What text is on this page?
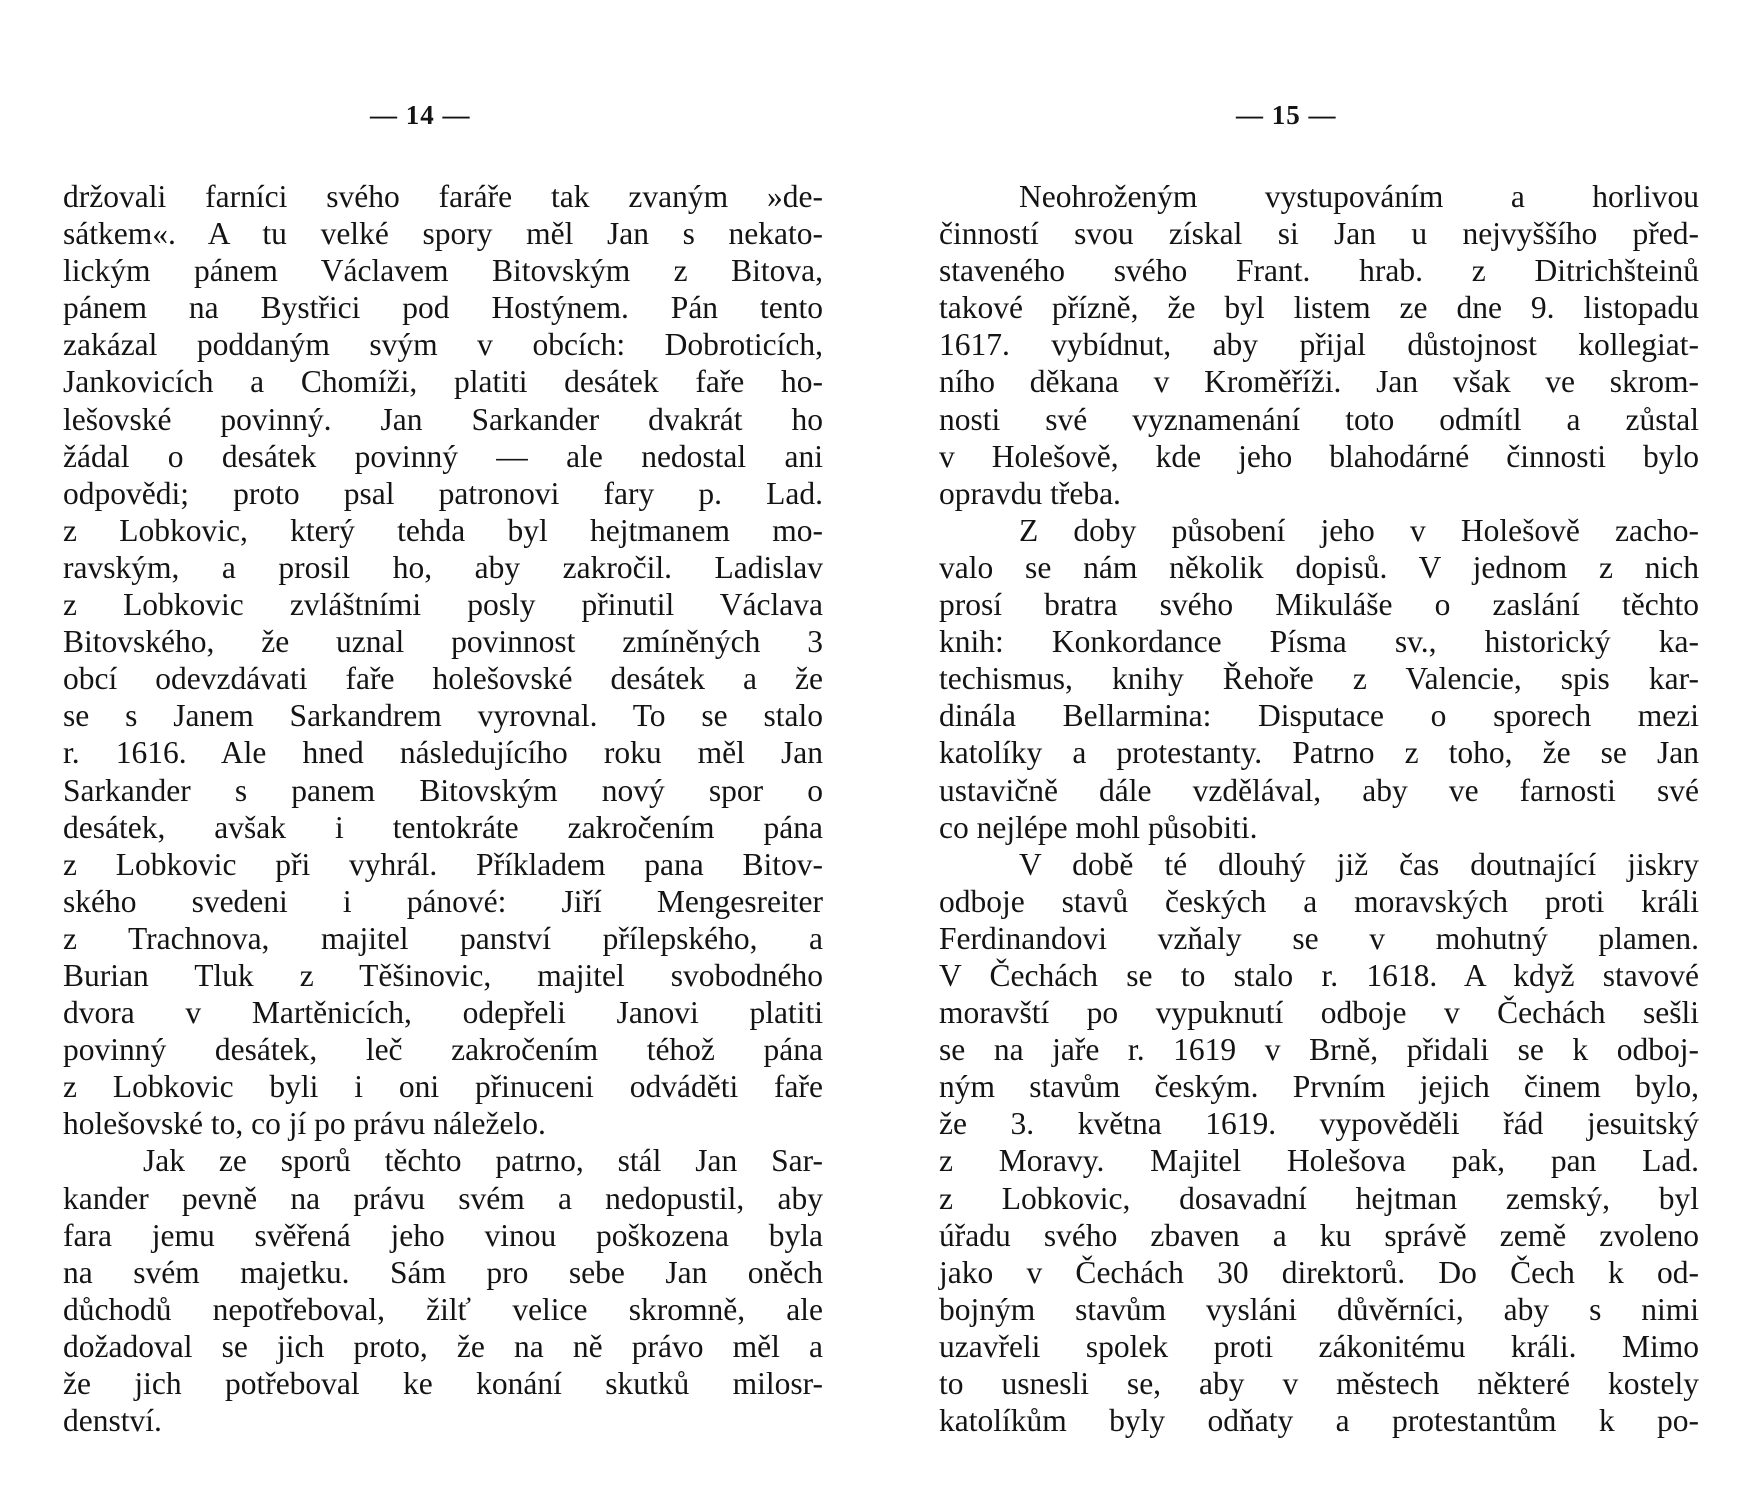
— 14 —
držovali farníci svého faráře tak zvaným »de-
sátkem«. A tu velké spory měl Jan s nekato-
lickým pánem Václavem Bitovským z Bitova,
pánem na Bystřici pod Hostýnem. Pán tento
zakázal poddaným svým v obcích: Dobroticích,
Jankovicích a Chomíži, platiti desátek faře ho-
lešovské povinný. Jan Sarkander dvakrát ho
žádal o desátek povinný — ale nedostal ani
odpovědi; proto psal patronovi fary p. Lad.
z Lobkovic, který tehda byl hejtmanem mo-
ravským, a prosil ho, aby zakročil. Ladislav
z Lobkovic zvláštními posly přinutil Václava
Bitovského, že uznal povinnost zmíněných 3
obcí odevzdávati faře holešovské desátek a že
se s Janem Sarkandrem vyrovnal. To se stalo
r. 1616. Ale hned následujícího roku měl Jan
Sarkander s panem Bitovským nový spor o
desátek, avšak i tentokráte zakročením pána
z Lobkovic při vyhrál. Příkladem pana Bitov-
ského svedeni i pánové: Jiří Mengesreiter
z Trachnova, majitel panství přílepského, a
Burian Tluk z Těšinovic, majitel svobodného
dvora v Martěnicích, odepřeli Janovi platiti
povinný desátek, leč zakročením téhož pána
z Lobkovic byli i oni přinuceni odváděti faře
holešovské to, co jí po právu náleželo.
Jak ze sporů těchto patrno, stál Jan Sar-
kander pevně na právu svém a nedopustil, aby
fara jemu svěřená jeho vinou poškozena byla
na svém majetku. Sám pro sebe Jan oněch
důchodů nepotřeboval, žilť velice skromně, ale
dožadoval se jich proto, že na ně právo měl a
že jich potřeboval ke konání skutků milosr-
denství.
— 15 —
Neohroženým vystupováním a horlivou
činností svou získal si Jan u nejvyššího před-
staveného svého Frant. hrab. z Ditrichšteinů
takové přízně, že byl listem ze dne 9. listopadu
1617. vybídnut, aby přijal důstojnost kollegiat-
ního děkana v Kroměříži. Jan však ve skrom-
nosti své vyznamenání toto odmítl a zůstal
v Holešově, kde jeho blahodárné činnosti bylo
opravdu třeba.
Z doby působení jeho v Holešově zacho-
valo se nám několik dopisů. V jednom z nich
prosí bratra svého Mikuláše o zaslání těchto
knih: Konkordance Písma sv., historický ka-
techismus, knihy Řehoře z Valencie, spis kar-
dinála Bellarmina: Disputace o sporech mezi
katolíky a protestanty. Patrno z toho, že se Jan
ustavičně dále vzdělával, aby ve farnosti své
co nejlépe mohl působiti.
V době té dlouhý již čas doutnající jiskry
odboje stavů českých a moravských proti králi
Ferdinandovi vzňaly se v mohutný plamen.
V Čechách se to stalo r. 1618. A když stavové
moravští po vypuknutí odboje v Čechách sešli
se na jaře r. 1619 v Brně, přidali se k odboj-
ným stavům českým. Prvním jejich činem bylo,
že 3. května 1619. vypověděli řád jesuitský
z Moravy. Majitel Holešova pak, pan Lad.
z Lobkovic, dosavadní hejtman zemský, byl
úřadu svého zbaven a ku správě země zvoleno
jako v Čechách 30 direktorů. Do Čech k od-
bojným stavům vysláni důvěrníci, aby s nimi
uzavřeli spolek proti zákonitému králi. Mimo
to usnesli se, aby v městech některé kostely
katolíkům byly odňaty a protestantům k po-
